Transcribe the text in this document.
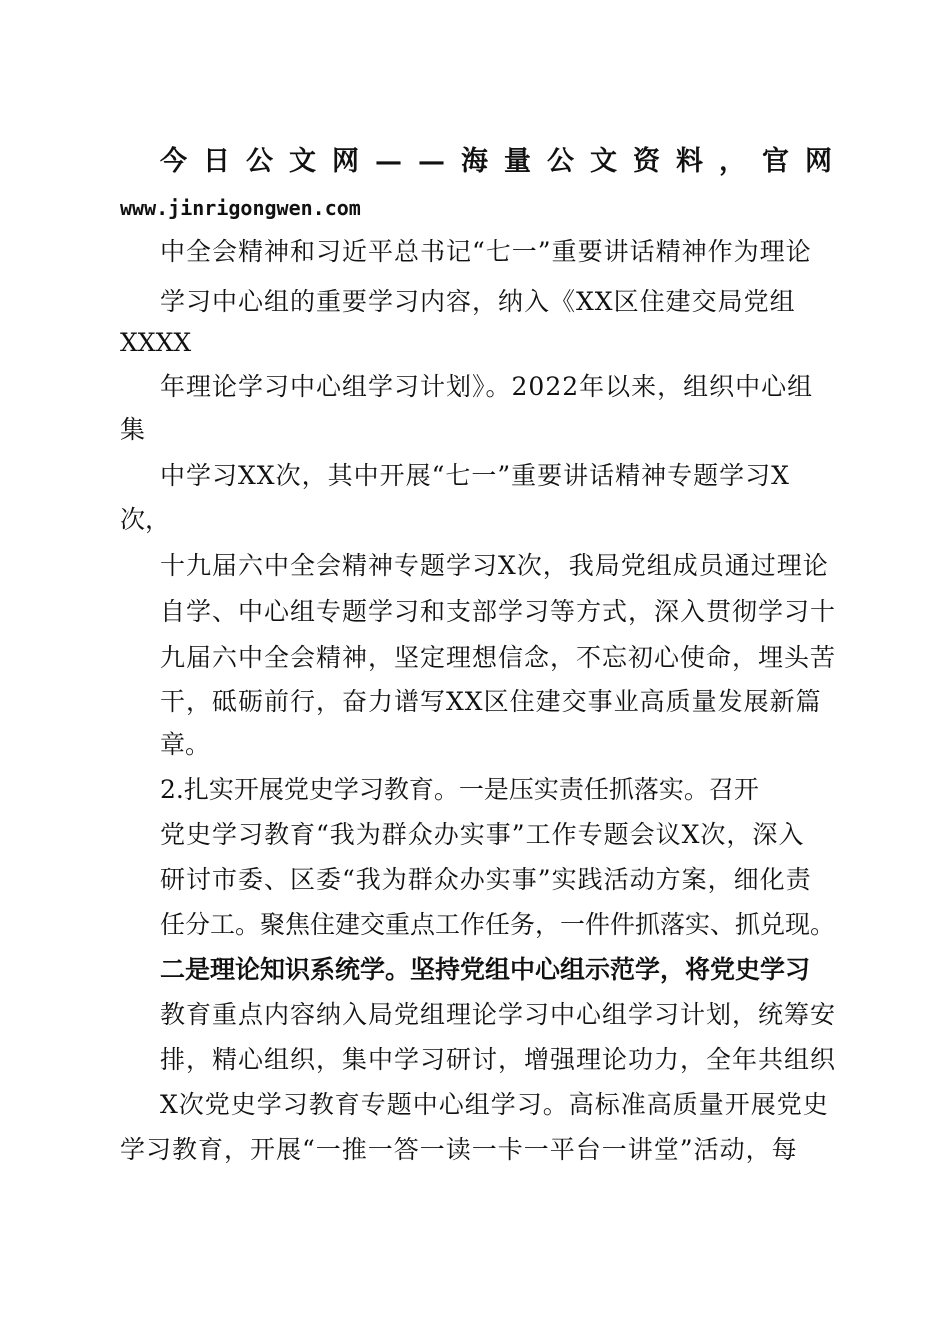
今日公文网——海量公文资料，官网
www.jinrigongwen.com
中全会精神和习近平总书记“七一”重要讲话精神作为理论
学习中心组的重要学习内容，纳入《XX区住建交局党组
XXXX
年理论学习中心组学习计划》。2022年以来，组织中心组
集
中学习XX次，其中开展“七一”重要讲话精神专题学习X
次，
十九届六中全会精神专题学习X次，我局党组成员通过理论
自学、中心组专题学习和支部学习等方式，深入贯彻学习十
九届六中全会精神，坚定理想信念，不忘初心使命，埋头苦
干，砥砺前行，奋力谱写XX区住建交事业高质量发展新篇
章。
2.扎实开展党史学习教育。一是压实责任抓落实。召开
党史学习教育“我为群众办实事”工作专题会议X次，深入
研讨市委、区委“我为群众办实事”实践活动方案，细化责
任分工。聚焦住建交重点工作任务，一件件抓落实、抓兑现。
二是理论知识系统学。坚持党组中心组示范学，将党史学习
教育重点内容纳入局党组理论学习中心组学习计划，统筹安
排，精心组织，集中学习研讨，增强理论功力，全年共组织
X次党史学习教育专题中心组学习。高标准高质量开展党史
学习教育，开展“一推一答一读一卡一平台一讲堂”活动，每
